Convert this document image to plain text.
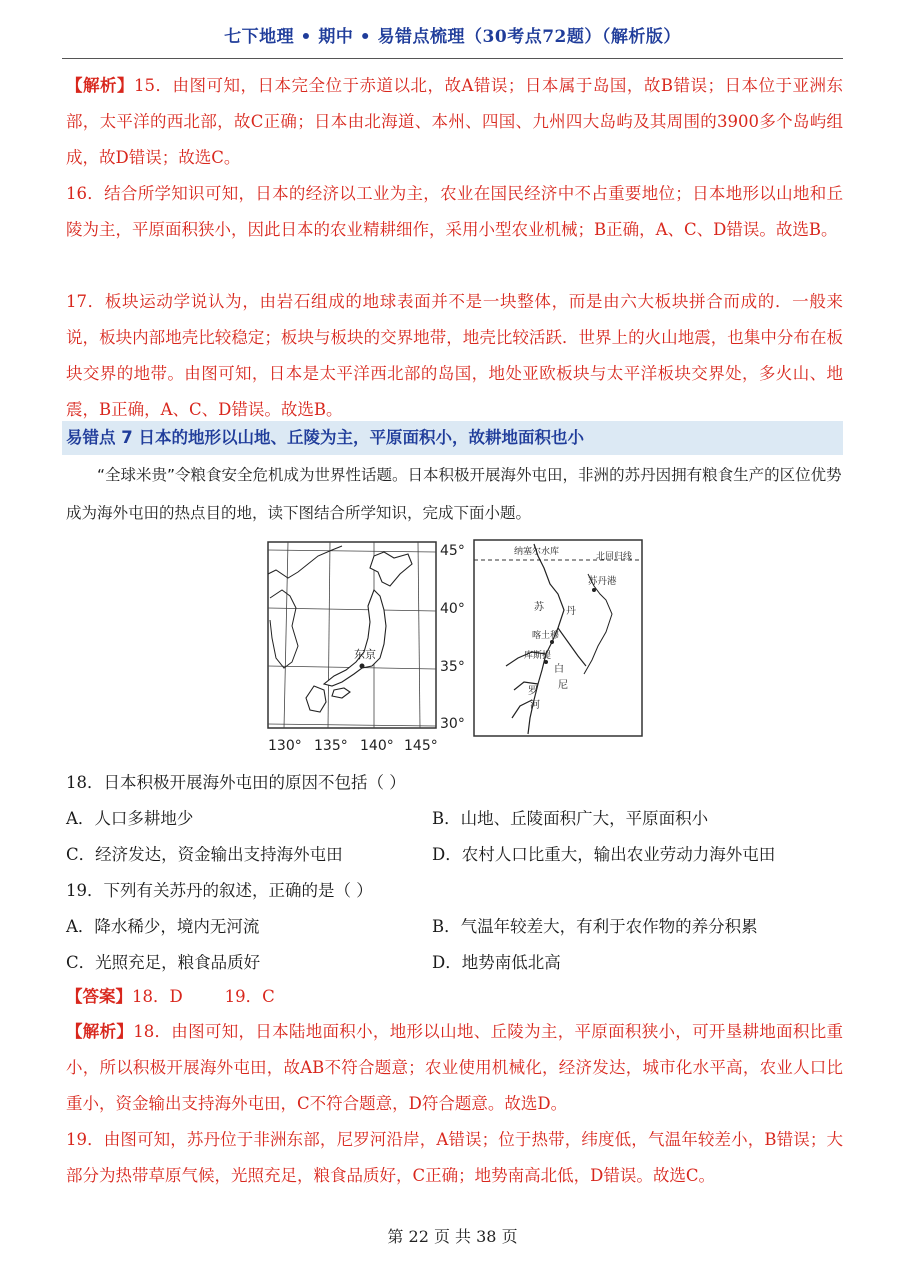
七下地理 • 期中 • 易错点梳理（30考点72题）（解析版）
【解析】15．由图可知，日本完全位于赤道以北，故A错误；日本属于岛国，故B错误；日本位于亚洲东部，太平洋的西北部，故C正确；日本由北海道、本州、四国、九州四大岛屿及其周围的3900多个岛屿组成，故D错误；故选C。
16．结合所学知识可知，日本的经济以工业为主，农业在国民经济中不占重要地位；日本地形以山地和丘陵为主，平原面积狭小，因此日本的农业精耕细作，采用小型农业机械；B正确，A、C、D错误。故选B。
17．板块运动学说认为，由岩石组成的地球表面并不是一块整体，而是由六大板块拼合而成的．一般来说，板块内部地壳比较稳定；板块与板块的交界地带，地壳比较活跃．世界上的火山地震，也集中分布在板块交界的地带。由图可知，日本是太平洋西北部的岛国，地处亚欧板块与太平洋板块交界处，多火山、地震，B正确，A、C、D错误。故选B。
易错点 7 日本的地形以山地、丘陵为主，平原面积小，故耕地面积也小
“全球米贵”令粮食安全危机成为世界性话题。日本积极开展海外屯田，非洲的苏丹因拥有粮食生产的区位优势成为海外屯田的热点目的地，读下图结合所学知识，完成下面小题。
东京
45°
40°
35°
30°
130° 135° 140° 145°
北回归线
纳塞尔水库
苏丹港
苏 丹
喀土穆
库斯提
白
尼
罗
河
18．日本积极开展海外屯田的原因不包括（ ）
A．人口多耕地少	B．山地、丘陵面积广大，平原面积小
C．经济发达，资金输出支持海外屯田	D．农村人口比重大，输出农业劳动力海外屯田
19．下列有关苏丹的叙述，正确的是（ ）
A．降水稀少，境内无河流	B．气温年较差大，有利于农作物的养分积累
C．光照充足，粮食品质好	D．地势南低北高
【答案】18．D        19．C
【解析】18．由图可知，日本陆地面积小，地形以山地、丘陵为主，平原面积狭小，可开垦耕地面积比重小，所以积极开展海外屯田，故AB不符合题意；农业使用机械化，经济发达，城市化水平高，农业人口比重小，资金输出支持海外屯田，C不符合题意，D符合题意。故选D。
19．由图可知，苏丹位于非洲东部，尼罗河沿岸，A错误；位于热带，纬度低，气温年较差小，B错误；大部分为热带草原气候，光照充足，粮食品质好，C正确；地势南高北低，D错误。故选C。
第 22 页 共 38 页
